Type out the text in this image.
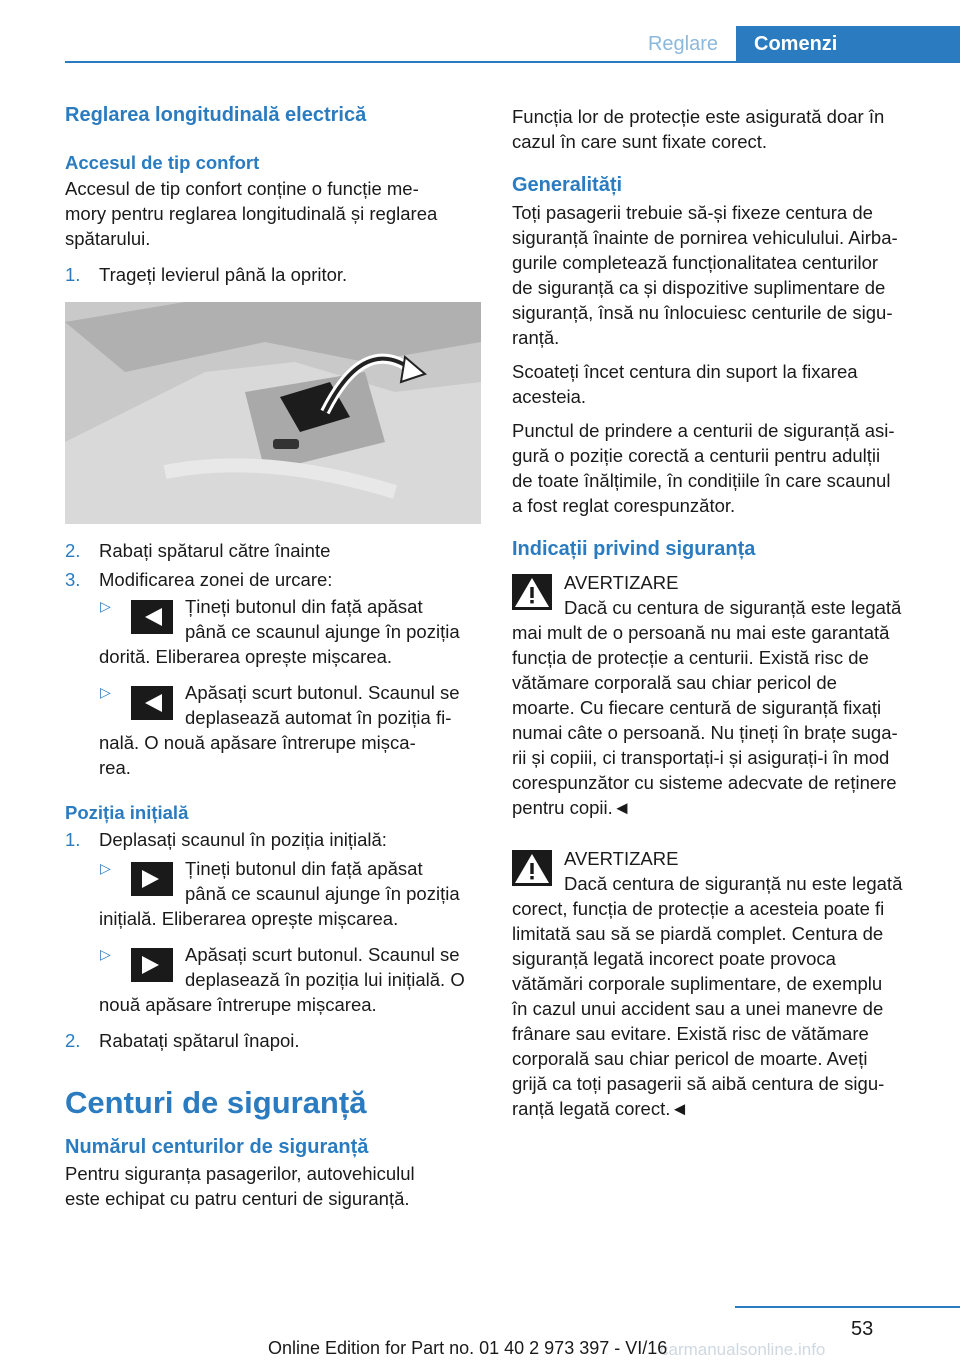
Reglare	Comenzi
Reglarea longitudinală electrică
Accesul de tip confort

Accesul de tip confort conține o funcție me-

mory pentru reglarea longitudinală și reglarea

spătarului.

1.	Trageți levierul până la opritor.
2.	Rabați spătarul către înainte
3.	Modificarea zonei de urcare:
▷	Țineți butonul din față apăsat

până ce scaunul ajunge în poziția

dorită. Eliberarea oprește mișcarea.

▷	Apăsați scurt butonul. Scaunul se

deplasează automat în poziția fi-

nală. O nouă apăsare întrerupe mișca-

rea.

Poziția inițială
1.	Deplasați scaunul în poziția inițială:
▷	Țineți butonul din față apăsat

până ce scaunul ajunge în poziția

inițială. Eliberarea oprește mișcarea.

▷	Apăsați scurt butonul. Scaunul se

deplasează în poziția lui inițială. O

nouă apăsare întrerupe mișcarea.

2.	Rabatați spătarul înapoi.
Centuri de siguranță
Numărul centurilor de siguranță

Pentru siguranța pasagerilor, autovehiculul

este echipat cu patru centuri de siguranță.

Funcția lor de protecție este asigurată doar în

cazul în care sunt fixate corect.

Generalități

Toți pasagerii trebuie să-și fixeze centura de

siguranță înainte de pornirea vehiculului. Airba-

gurile completează funcționalitatea centurilor

de siguranță ca și dispozitive suplimentare de

siguranță, însă nu înlocuiesc centurile de sigu-

ranță.

Scoateți încet centura din suport la fixarea

acesteia.

Punctul de prindere a centurii de siguranță asi-

gură o poziție corectă a centurii pentru adulții

de toate înălțimile, în condițiile în care scaunul

a fost reglat corespunzător.

Indicații privind siguranța

AVERTIZARE

Dacă cu centura de siguranță este legată

mai mult de o persoană nu mai este garantată

funcția de protecție a centurii. Există risc de

vătămare corporală sau chiar pericol de

moarte. Cu fiecare centură de siguranță fixați

numai câte o persoană. Nu țineți în brațe suga-

rii și copiii, ci transportați-i și asigurați-i în mod

corespunzător cu sisteme adecvate de reținere

pentru copii.◄

AVERTIZARE

Dacă centura de siguranță nu este legată

corect, funcția de protecție a acesteia poate fi

limitată sau să se piardă complet. Centura de

siguranță legată incorect poate provoca

vătămări corporale suplimentare, de exemplu

în cazul unui accident sau a unei manevre de

frânare sau evitare. Există risc de vătămare

corporală sau chiar pericol de moarte. Aveți

grijă ca toți pasagerii să aibă centura de sigu-

ranță legată corect.◄

53
carmanualsonline.info
Online Edition for Part no. 01 40 2 973 397 - VI/16
